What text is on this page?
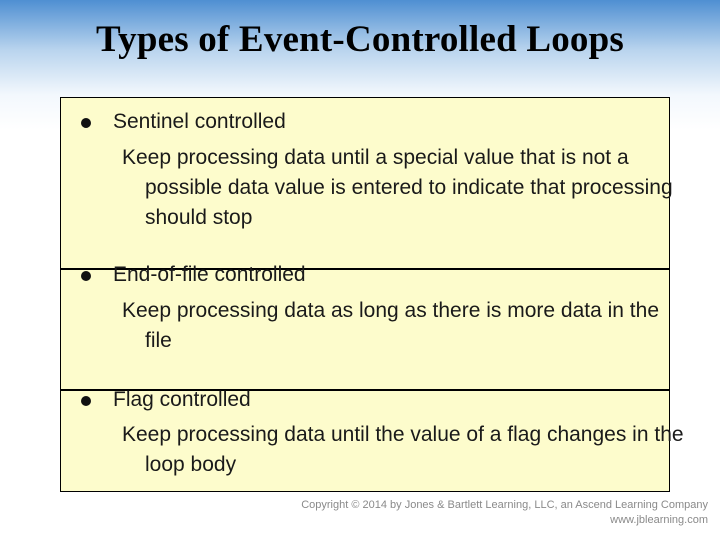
Types of Event-Controlled Loops
Sentinel controlled
Keep processing data until a special value that is not a possible data value is entered to indicate that processing should stop
End-of-file controlled
Keep processing data as long as there is more data in the file
Flag controlled
Keep processing data until the value of a flag changes in the loop body
Copyright © 2014 by Jones & Bartlett Learning, LLC, an Ascend Learning Company
www.jblearning.com
